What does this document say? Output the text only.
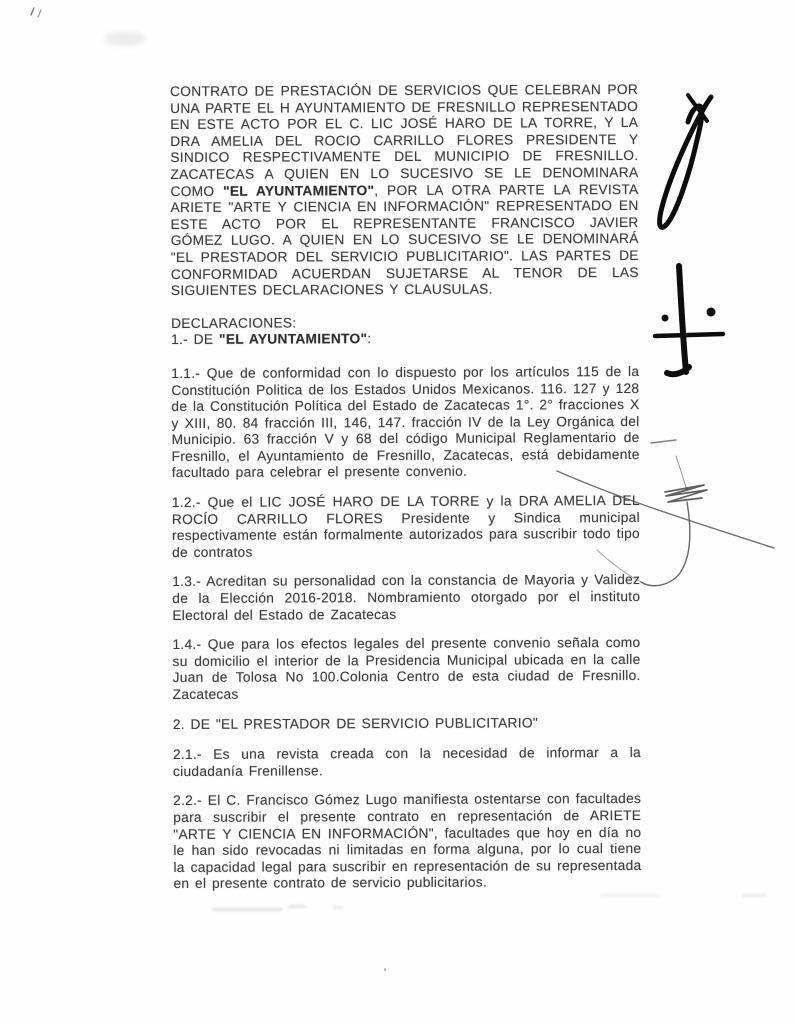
CONTRATO DE PRESTACIÓN DE SERVICIOS QUE CELEBRAN POR UNA PARTE EL H AYUNTAMIENTO DE FRESNILLO REPRESENTADO EN ESTE ACTO POR EL C. LIC JOSÉ HARO DE LA TORRE, Y LA DRA AMELIA DEL ROCIO CARRILLO FLORES PRESIDENTE Y SINDICO RESPECTIVAMENTE DEL MUNICIPIO DE FRESNILLO. ZACATECAS A QUIEN EN LO SUCESIVO SE LE DENOMINARA COMO "EL AYUNTAMIENTO", POR LA OTRA PARTE LA REVISTA ARIETE "ARTE Y CIENCIA EN INFORMACIÓN" REPRESENTADO EN ESTE ACTO POR EL REPRESENTANTE FRANCISCO JAVIER GÓMEZ LUGO. A QUIEN EN LO SUCESIVO SE LE DENOMINARÁ "EL PRESTADOR DEL SERVICIO PUBLICITARIO". LAS PARTES DE CONFORMIDAD ACUERDAN SUJETARSE AL TENOR DE LAS SIGUIENTES DECLARACIONES Y CLAUSULAS.

DECLARACIONES:

1.- DE "EL AYUNTAMIENTO":

1.1.- Que de conformidad con lo dispuesto por los artículos 115 de la Constitución Politica de los Estados Unidos Mexicanos. 116. 127 y 128 de la Constitución Política del Estado de Zacatecas 1°. 2° fracciones X y XIII, 80. 84 fracción III, 146, 147. fracción IV de la Ley Orgánica del Municipio. 63 fracción V y 68 del código Municipal Reglamentario de Fresnillo, el Ayuntamiento de Fresnillo, Zacatecas, está debidamente facultado para celebrar el presente convenio.

1.2.- Que el LIC JOSÉ HARO DE LA TORRE y la DRA AMELIA DEL ROCÍO CARRILLO FLORES Presidente y Sindica municipal respectivamente están formalmente autorizados para suscribir todo tipo de contratos

1.3.- Acreditan su personalidad con la constancia de Mayoria y Validez de la Elección 2016-2018. Nombramiento otorgado por el instituto Electoral del Estado de Zacatecas

1.4.- Que para los efectos legales del presente convenio señala como su domicilio el interior de la Presidencia Municipal ubicada en la calle Juan de Tolosa No 100.Colonia Centro de esta ciudad de Fresnillo. Zacatecas

2. DE "EL PRESTADOR DE SERVICIO PUBLICITARIO"

2.1.- Es una revista creada con la necesidad de informar a la ciudadanía Frenillense.

2.2.- El C. Francisco Gómez Lugo manifiesta ostentarse con facultades para suscribir el presente contrato en representación de ARIETE "ARTE Y CIENCIA EN INFORMACIÓN", facultades que hoy en día no le han sido revocadas ni limitadas en forma alguna, por lo cual tiene la capacidad legal para suscribir en representación de su representada en el presente contrato de servicio publicitarios.
